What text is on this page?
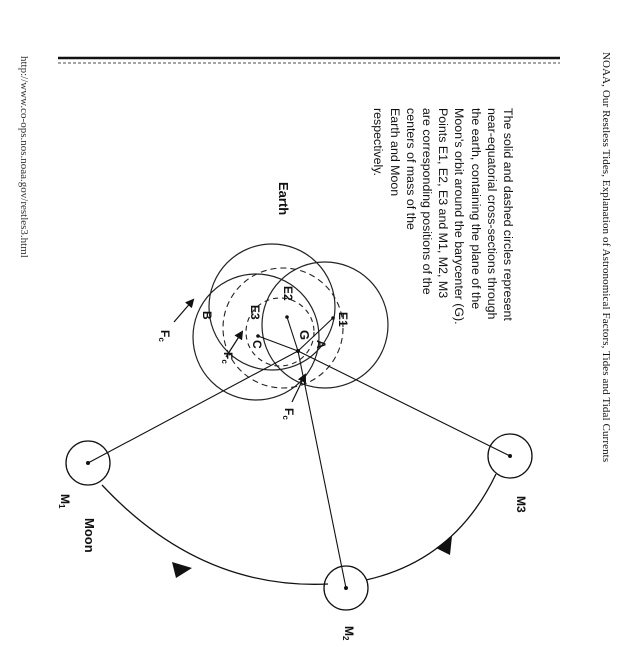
NOAA, Our Restless Tides, Explanation of Astronomical Factors, Tides and Tidal Currents
http://www.co-ops.nos.noaa.gov/restles3.html	The solid and dashed circles represent
near-equatorial cross-sections through
the earth, containing the plane of the
Moon's orbit around the barycenter (G).
Points E1, E2, E3 and M1, M2, M3
are corresponding positions of the
centers of mass of the
Earth and Moon
respectively.
Earth
Moon
E1
E2
E3
G
A
B
C
M3
$M_1$
$M_2$
$F_c$
$F_c$
$F_c$
